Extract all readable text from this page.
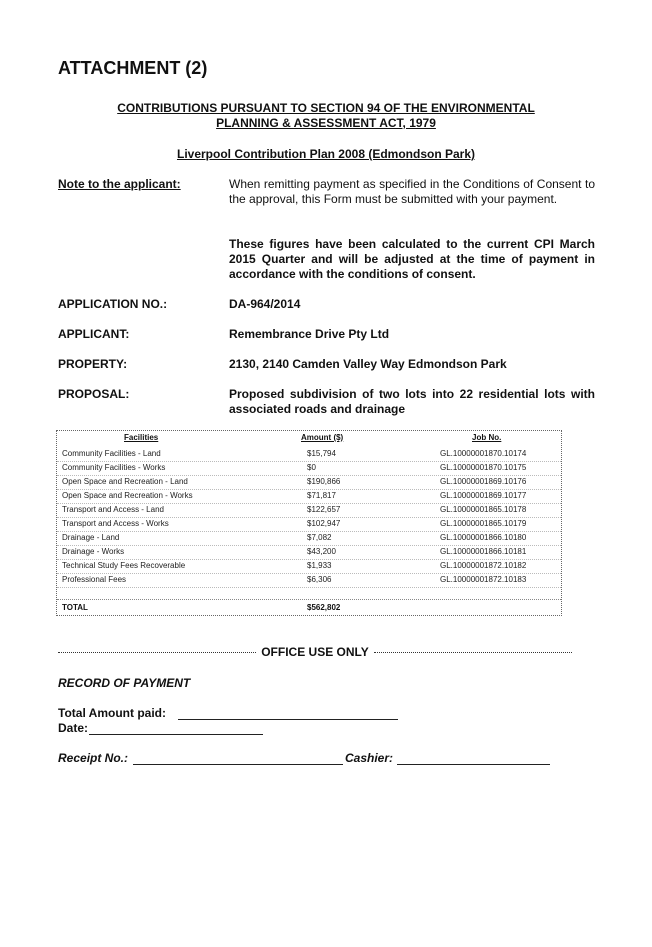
ATTACHMENT (2)
CONTRIBUTIONS PURSUANT TO SECTION 94 OF THE ENVIRONMENTAL
PLANNING & ASSESSMENT ACT, 1979
Liverpool Contribution Plan 2008 (Edmondson Park)
Note to the applicant:	When remitting payment as specified in the Conditions of Consent to the approval, this Form must be submitted with your payment.
These figures have been calculated to the current CPI March 2015 Quarter and will be adjusted at the time of payment in accordance with the conditions of consent.
APPLICATION NO.:	DA-964/2014
APPLICANT:	Remembrance Drive Pty Ltd
PROPERTY:	2130, 2140 Camden Valley Way Edmondson Park
PROPOSAL:	Proposed subdivision of two lots into 22 residential lots with associated roads and drainage
Facilities	Amount ($)	Job No.
Community Facilities - Land	$15,794	GL.10000001870.10174
Community Facilities - Works	$0	GL.10000001870.10175
Open Space and Recreation - Land	$190,866	GL.10000001869.10176
Open Space and Recreation - Works	$71,817	GL.10000001869.10177
Transport and Access - Land	$122,657	GL.10000001865.10178
Transport and Access - Works	$102,947	GL.10000001865.10179
Drainage - Land	$7,082	GL.10000001866.10180
Drainage - Works	$43,200	GL.10000001866.10181
Technical Study Fees Recoverable	$1,933	GL.10000001872.10182
Professional Fees	$6,306	GL.10000001872.10183
TOTAL	$562,802
OFFICE USE ONLY
RECORD OF PAYMENT
Total Amount paid:
Date:
Receipt No.:	Cashier:
